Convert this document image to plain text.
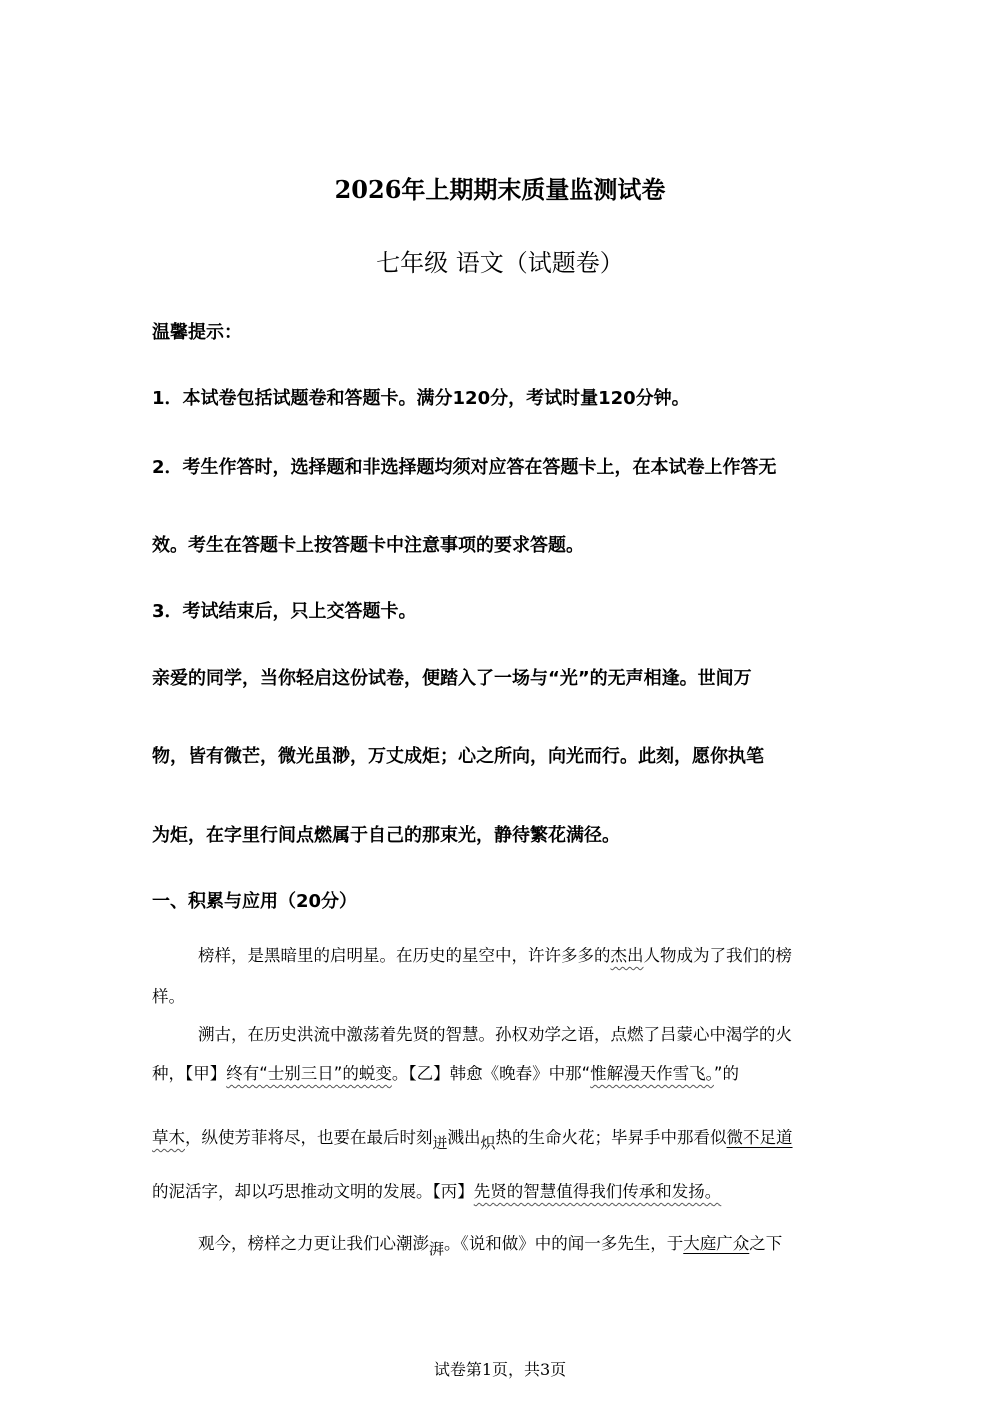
2026年上期期末质量监测试卷
七年级 语文（试题卷）
温馨提示：
1．本试卷包括试题卷和答题卡。满分120分，考试时量120分钟。
2．考生作答时，选择题和非选择题均须对应答在答题卡上，在本试卷上作答无
效。考生在答题卡上按答题卡中注意事项的要求答题。
3．考试结束后，只上交答题卡。
亲爱的同学，当你轻启这份试卷，便踏入了一场与“光”的无声相逢。世间万
物，皆有微芒，微光虽渺，万丈成炬；心之所向，向光而行。此刻，愿你执笔
为炬，在字里行间点燃属于自己的那束光，静待繁花满径。
一、积累与应用（20分）
榜样，是黑暗里的启明星。在历史的星空中，许许多多的杰出人物成为了我们的榜
样。
溯古，在历史洪流中激荡着先贤的智慧。孙权劝学之语，点燃了吕蒙心中渴学的火
种，【甲】终有“士别三日”的蜕变。【乙】韩愈《晚春》中那“惟解漫天作雪飞。”的
草木，纵使芳菲将尽，也要在最后时刻迸溅出炽热的生命火花；毕昇手中那看似微不足道
的泥活字，却以巧思推动文明的发展。【丙】先贤的智慧值得我们传承和发扬。
观今，榜样之力更让我们心潮澎湃。《说和做》中的闻一多先生，于大庭广众之下
试卷第1页，共3页
